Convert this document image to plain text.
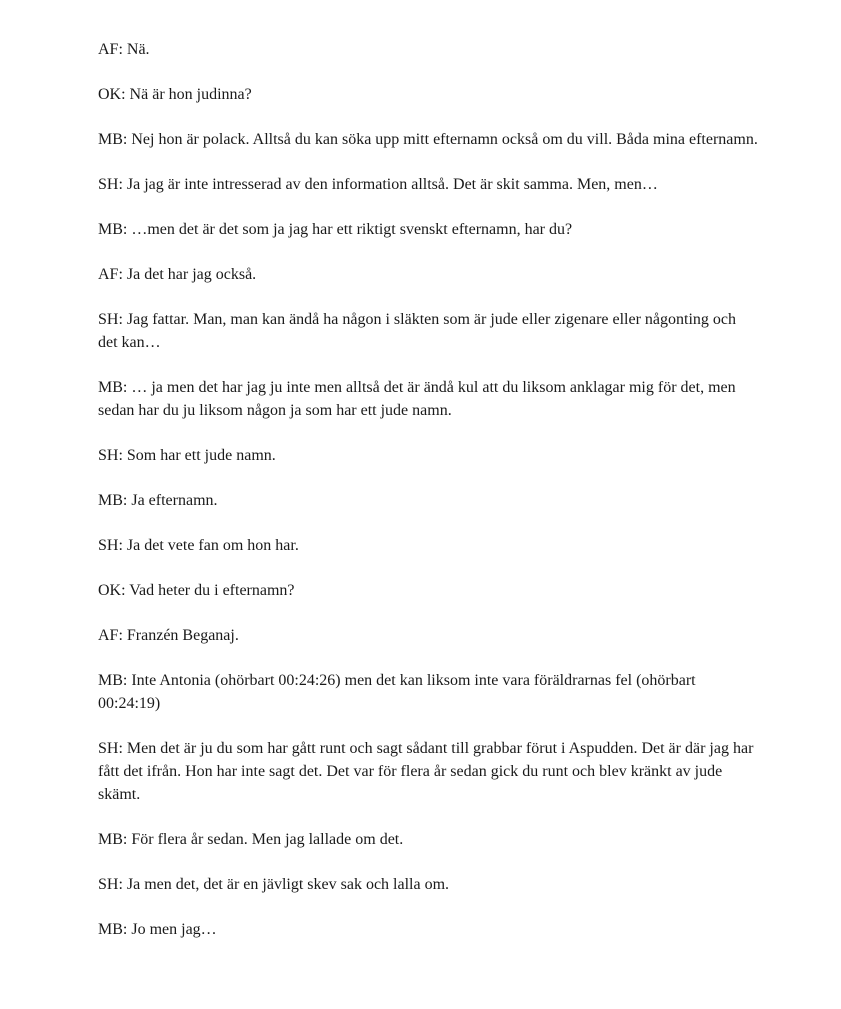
AF: Nä.

OK: Nä är hon judinna?

MB: Nej hon är polack. Alltså du kan söka upp mitt efternamn också om du vill. Båda mina efternamn.

SH: Ja jag är inte intresserad av den information alltså. Det är skit samma. Men, men…

MB: …men det är det som ja jag har ett riktigt svenskt efternamn, har du?

AF: Ja det har jag också.

SH: Jag fattar. Man, man kan ändå ha någon i släkten som är jude eller zigenare eller någonting och det kan…

MB: … ja men det har jag ju inte men alltså det är ändå kul att du liksom anklagar mig för det, men sedan har du ju liksom någon ja som har ett jude namn.

SH: Som har ett jude namn.

MB: Ja efternamn.

SH: Ja det vete fan om hon har.

OK: Vad heter du i efternamn?

AF: Franzén Beganaj.

MB: Inte Antonia (ohörbart 00:24:26) men det kan liksom inte vara föräldrarnas fel (ohörbart 00:24:19)

SH: Men det är ju du som har gått runt och sagt sådant till grabbar förut i Aspudden. Det är där jag har fått det ifrån. Hon har inte sagt det. Det var för flera år sedan gick du runt och blev kränkt av jude skämt.

MB: För flera år sedan. Men jag lallade om det.

SH: Ja men det, det är en jävligt skev sak och lalla om.

MB: Jo men jag…
